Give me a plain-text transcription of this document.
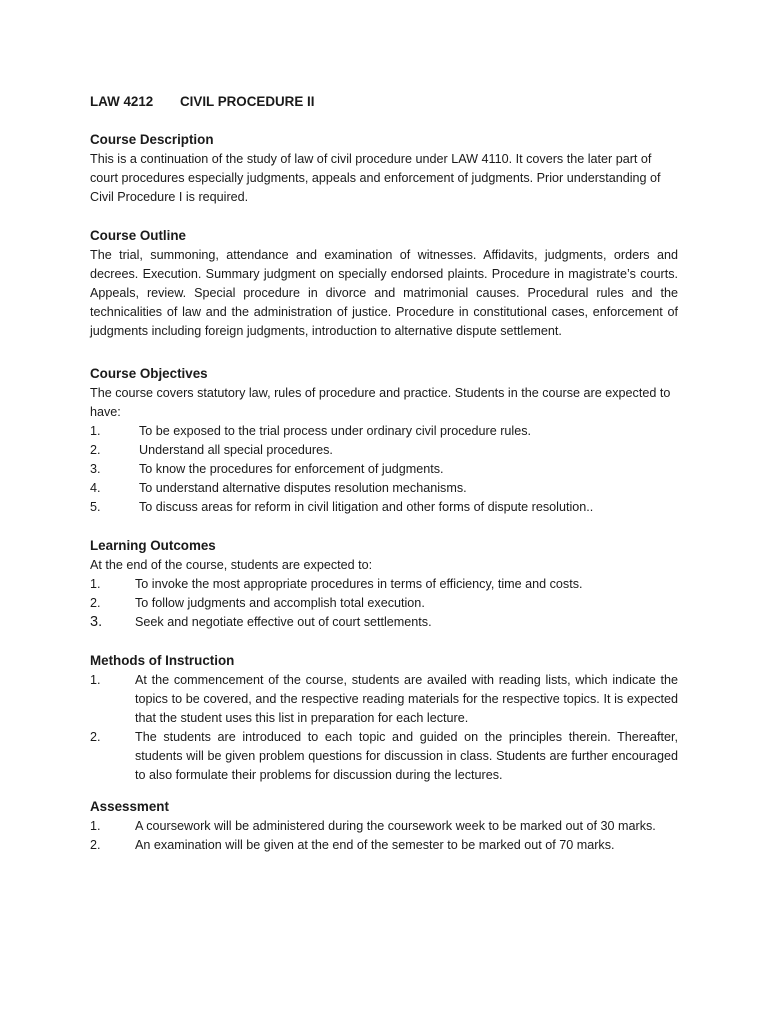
LAW 4212 CIVIL PROCEDURE II
Course Description

This is a continuation of the study of law of civil procedure under LAW 4110. It covers the later part of court procedures especially judgments, appeals and enforcement of judgments. Prior understanding of Civil Procedure I is required.

Course Outline

The trial, summoning, attendance and examination of witnesses. Affidavits, judgments, orders and decrees. Execution. Summary judgment on specially endorsed plaints. Procedure in magistrate’s courts. Appeals, review. Special procedure in divorce and matrimonial causes. Procedural rules and the technicalities of law and the administration of justice. Procedure in constitutional cases, enforcement of judgments including foreign judgments, introduction to alternative dispute settlement.

Course Objectives

The course covers statutory law, rules of procedure and practice. Students in the course are expected to have:

1.	To be exposed to the trial process under ordinary civil procedure rules.
2.	Understand all special procedures.
3.	To know the procedures for enforcement of judgments.
4.	To understand alternative disputes resolution mechanisms.
5.	To discuss areas for reform in civil litigation and other forms of dispute resolution..
Learning Outcomes

At the end of the course, students are expected to:

1.	To invoke the most appropriate procedures in terms of efficiency, time and costs.
2.	To follow judgments and accomplish total execution.
3.	Seek and negotiate effective out of court settlements.
Methods of Instruction
1.	At the commencement of the course, students are availed with reading lists, which indicate the topics to be covered, and the respective reading materials for the respective topics. It is expected that the student uses this list in preparation for each lecture.
2.	The students are introduced to each topic and guided on the principles therein. Thereafter, students will be given problem questions for discussion in class. Students are further encouraged to also formulate their problems for discussion during the lectures.
Assessment
1.	A coursework will be administered during the coursework week to be marked out of 30 marks.
2.	An examination will be given at the end of the semester to be marked out of 70 marks.
